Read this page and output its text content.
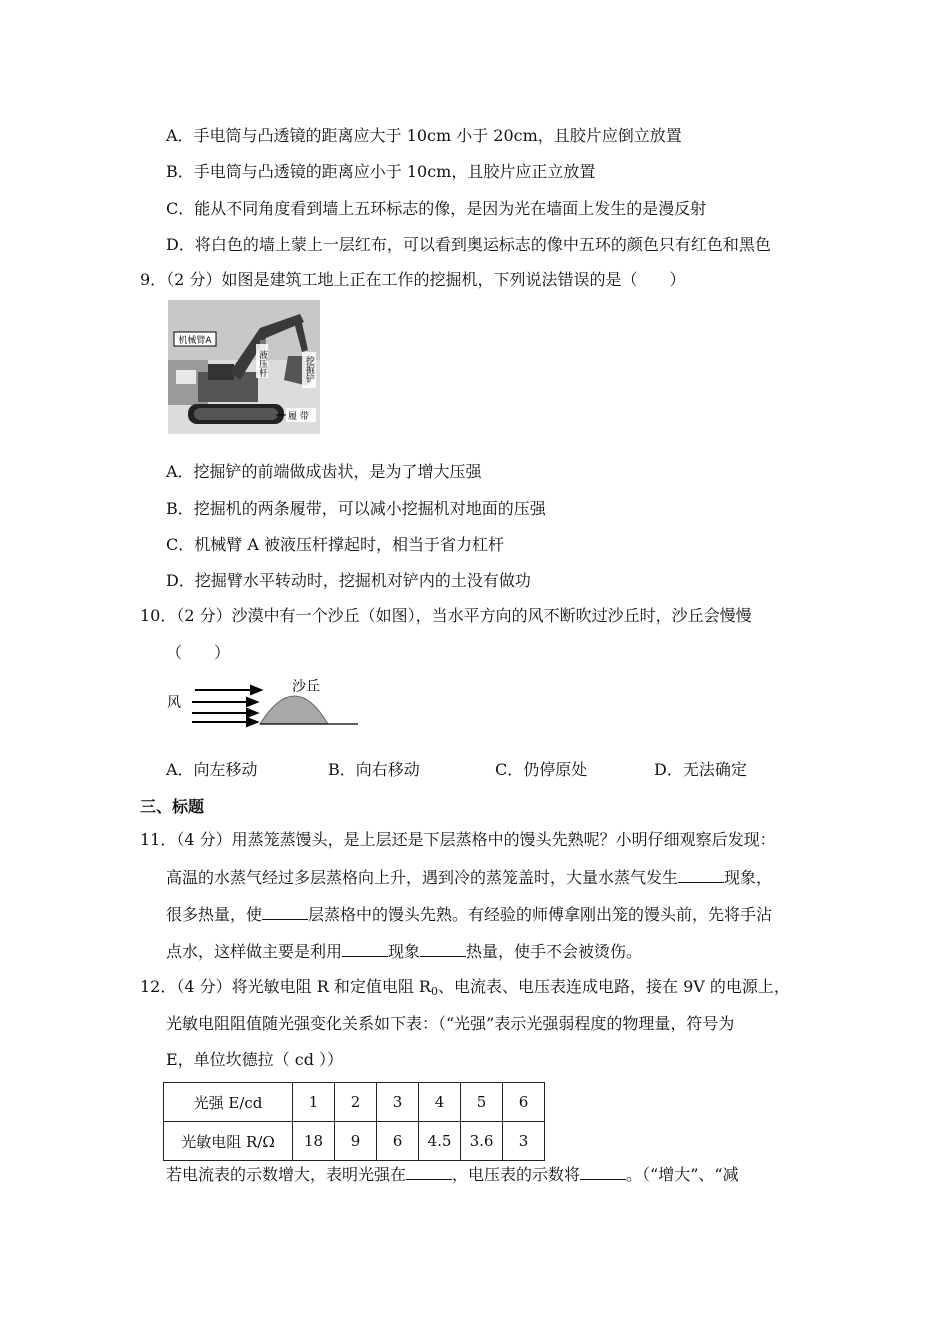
A．手电筒与凸透镜的距离应大于 10cm 小于 20cm，且胶片应倒立放置
B．手电筒与凸透镜的距离应小于 10cm，且胶片应正立放置
C．能从不同角度看到墙上五环标志的像，是因为光在墙面上发生的是漫反射
D．将白色的墙上蒙上一层红布，可以看到奥运标志的像中五环的颜色只有红色和黑色
9．（2 分）如图是建筑工地上正在工作的挖掘机，下列说法错误的是（　　）
机械臂A
液压杆	挖掘铲
履 带
A．挖掘铲的前端做成齿状，是为了增大压强
B．挖掘机的两条履带，可以减小挖掘机对地面的压强
C．机械臂 A 被液压杆撑起时，相当于省力杠杆
D．挖掘臂水平转动时，挖掘机对铲内的土没有做功
10．（2 分）沙漠中有一个沙丘（如图），当水平方向的风不断吹过沙丘时，沙丘会慢慢
（　　）
风
沙丘
A．向左移动	B．向右移动	C．仍停原处	D．无法确定
三、标题
11．（4 分）用蒸笼蒸馒头，是上层还是下层蒸格中的馒头先熟呢？小明仔细观察后发现：
高温的水蒸气经过多层蒸格向上升，遇到冷的蒸笼盖时，大量水蒸气发生	现象，
很多热量，使	层蒸格中的馒头先熟。有经验的师傅拿刚出笼的馒头前，先将手沾
点水，这样做主要是利用	现象	热量，使手不会被烫伤。
12．（4 分）将光敏电阻 R 和定值电阻 $R_0$、电流表、电压表连成电路，接在 9V 的电源上，
光敏电阻阻值随光强变化关系如下表：（“光强”表示光强弱程度的物理量，符号为
E，单位坎德拉（ cd ））
光强 E/cd	1	2	3	4	5	6
光敏电阻 R/Ω	18	9	6	4.5	3.6	3
若电流表的示数增大，表明光强在	，电压表的示数将	。（“增大”、“减
